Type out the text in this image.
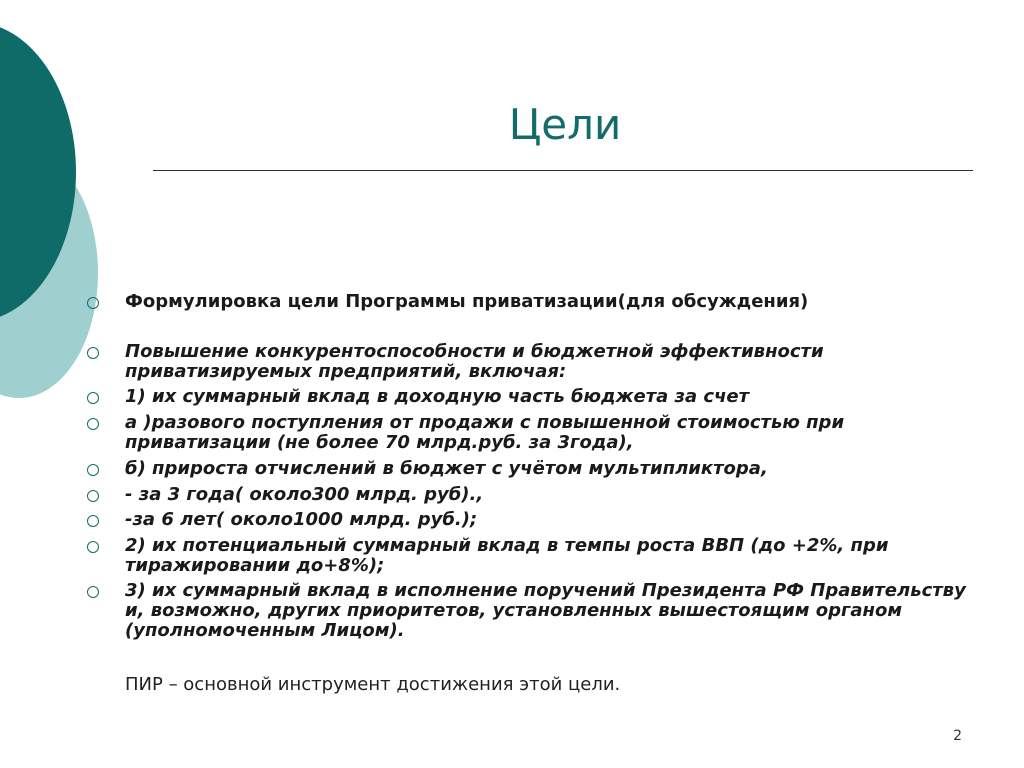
Цели
Формулировка цели Программы приватизации(для обсуждения)
Повышение конкурентоспособности и бюджетной эффективности приватизируемых предприятий, включая:
1) их суммарный вклад в доходную часть бюджета за счет
а )разового поступления от продажи с повышенной стоимостью при приватизации (не более 70 млрд.руб. за 3года),
б) прироста отчислений в бюджет с учётом мультипликтора,
- за 3 года( около300 млрд. руб).,
-за 6 лет( около1000 млрд. руб.);
2) их потенциальный суммарный вклад в темпы роста ВВП (до +2%, при тиражировании до+8%);
3) их суммарный вклад в исполнение поручений Президента РФ Правительству и, возможно, других приоритетов, установленных вышестоящим органом (уполномоченным Лицом).
ПИР – основной инструмент достижения этой цели.
2
